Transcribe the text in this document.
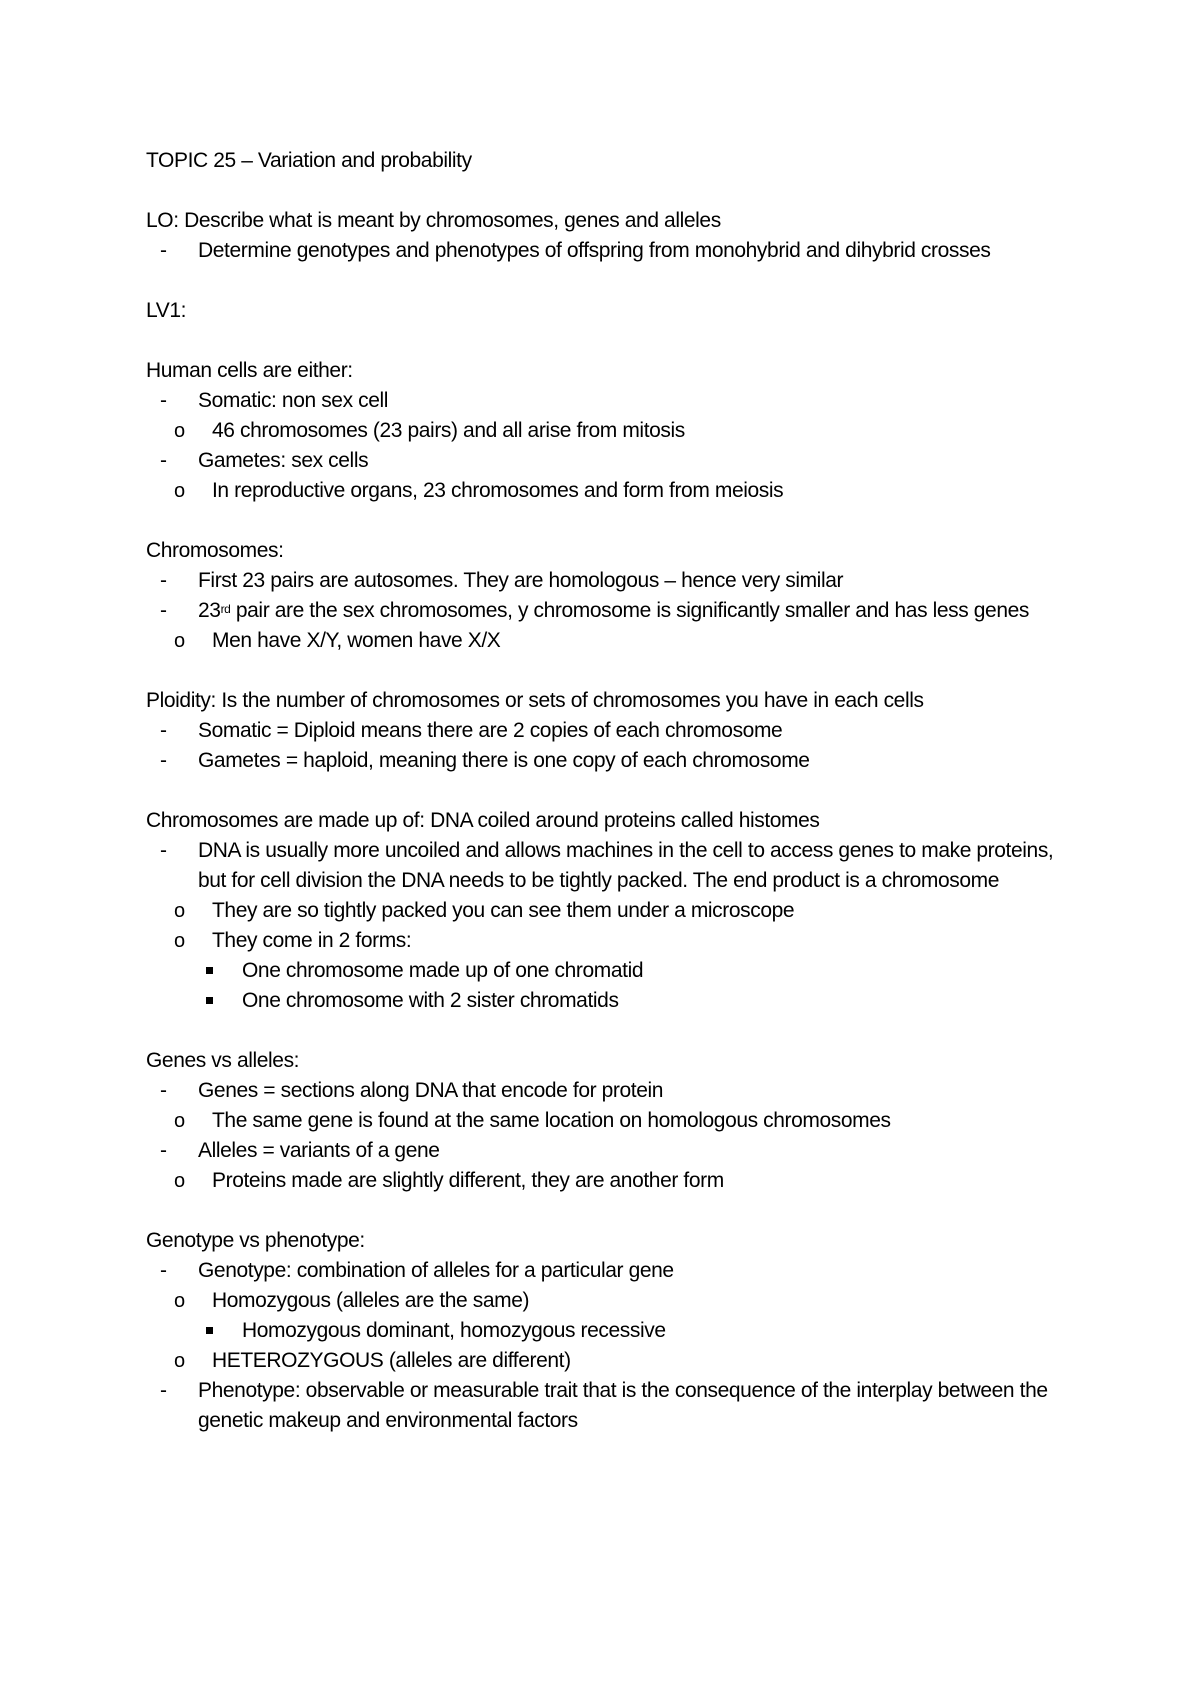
TOPIC 25 – Variation and probability
LO: Describe what is meant by chromosomes, genes and alleles
- Determine genotypes and phenotypes of offspring from monohybrid and dihybrid crosses
LV1:
Human cells are either:
- Somatic: non sex cell
o 46 chromosomes (23 pairs) and all arise from mitosis
- Gametes: sex cells
o In reproductive organs, 23 chromosomes and form from meiosis
Chromosomes:
- First 23 pairs are autosomes. They are homologous – hence very similar
- 23rd pair are the sex chromosomes, y chromosome is significantly smaller and has less genes
o Men have X/Y, women have X/X
Ploidity: Is the number of chromosomes or sets of chromosomes you have in each cells
- Somatic = Diploid means there are 2 copies of each chromosome
- Gametes = haploid, meaning there is one copy of each chromosome
Chromosomes are made up of: DNA coiled around proteins called histomes
- DNA is usually more uncoiled and allows machines in the cell to access genes to make proteins, but for cell division the DNA needs to be tightly packed. The end product is a chromosome
o They are so tightly packed you can see them under a microscope
o They come in 2 forms:
One chromosome made up of one chromatid
One chromosome with 2 sister chromatids
Genes vs alleles:
- Genes = sections along DNA that encode for protein
o The same gene is found at the same location on homologous chromosomes
- Alleles = variants of a gene
o Proteins made are slightly different, they are another form
Genotype vs phenotype:
- Genotype: combination of alleles for a particular gene
o Homozygous (alleles are the same)
Homozygous dominant, homozygous recessive
o HETEROZYGOUS (alleles are different)
- Phenotype: observable or measurable trait that is the consequence of the interplay between the genetic makeup and environmental factors
